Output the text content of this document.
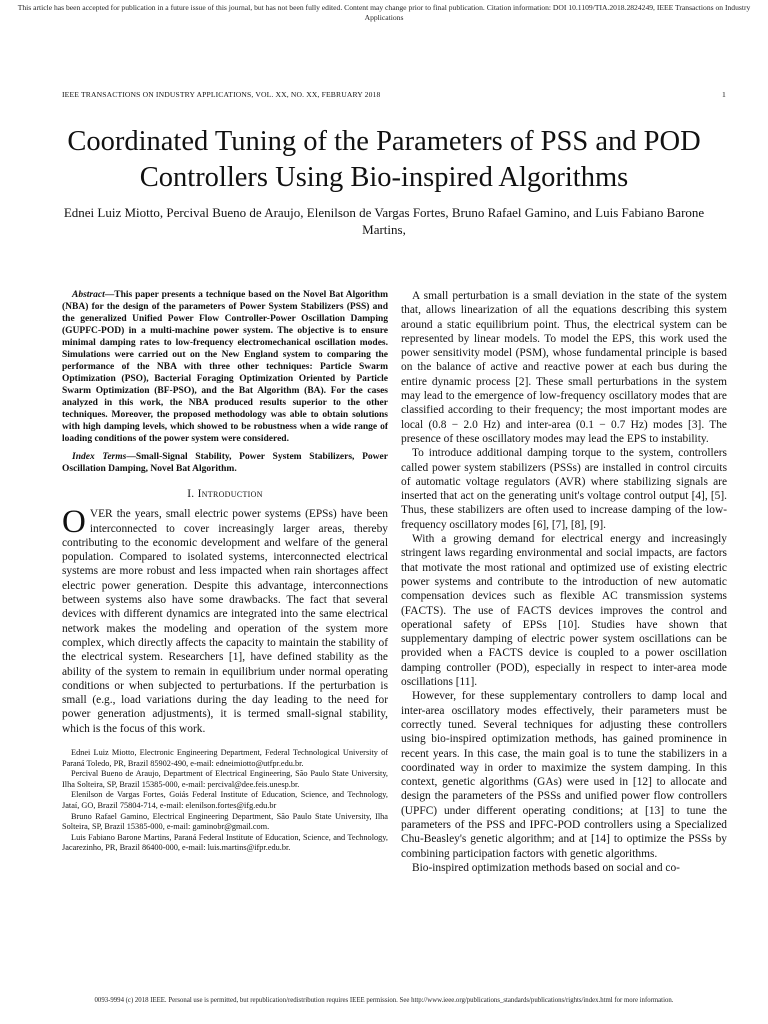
This article has been accepted for publication in a future issue of this journal, but has not been fully edited. Content may change prior to final publication. Citation information: DOI 10.1109/TIA.2018.2824249, IEEE Transactions on Industry Applications
IEEE TRANSACTIONS ON INDUSTRY APPLICATIONS, VOL. XX, NO. XX, FEBRUARY 2018	1
Coordinated Tuning of the Parameters of PSS and POD Controllers Using Bio-inspired Algorithms
Ednei Luiz Miotto, Percival Bueno de Araujo, Elenilson de Vargas Fortes, Bruno Rafael Gamino, and Luis Fabiano Barone Martins,

Abstract—This paper presents a technique based on the Novel Bat Algorithm (NBA) for the design of the parameters of Power System Stabilizers (PSS) and the generalized Unified Power Flow Controller-Power Oscillation Damping (GUPFC-POD) in a multi-machine power system. The objective is to ensure minimal damping rates to low-frequency electromechanical oscillation modes. Simulations were carried out on the New England system to comparing the performance of the NBA with three other techniques: Particle Swarm Optimization (PSO), Bacterial Foraging Optimization Oriented by Particle Swarm Optimization (BF-PSO), and the Bat Algorithm (BA). For the cases analyzed in this work, the NBA produced results superior to the other techniques. Moreover, the proposed methodology was able to obtain solutions with high damping levels, which showed to be robustness when a wide range of loading conditions of the power system were considered.

Index Terms—Small-Signal Stability, Power System Stabilizers, Power Oscillation Damping, Novel Bat Algorithm.

I. Introduction

OVER the years, small electric power systems (EPSs) have been interconnected to cover increasingly larger areas, thereby contributing to the economic development and welfare of the general population. Compared to isolated systems, interconnected electrical systems are more robust and less impacted when rain shortages affect electric power generation. Despite this advantage, interconnections between systems also have some drawbacks. The fact that several devices with different dynamics are integrated into the same electrical network makes the modeling and operation of the system more complex, which directly affects the capacity to maintain the stability of the electrical system. Researchers [1], have defined stability as the ability of the system to remain in equilibrium under normal operating conditions or when subjected to perturbations. If the perturbation is small (e.g., load variations during the day leading to the need for power generation adjustments), it is termed small-signal stability, which is the focus of this work.

Ednei Luiz Miotto, Electronic Engineering Department, Federal Technological University of Paraná Toledo, PR, Brazil 85902-490, e-mail: edneimiotto@utfpr.edu.br.

Percival Bueno de Araujo, Department of Electrical Engineering, São Paulo State University, Ilha Solteira, SP, Brazil 15385-000, e-mail: percival@dee.feis.unesp.br.

Elenilson de Vargas Fortes, Goiás Federal Institute of Education, Science, and Technology, Jataí, GO, Brazil 75804-714, e-mail: elenilson.fortes@ifg.edu.br

Bruno Rafael Gamino, Electrical Engineering Department, São Paulo State University, Ilha Solteira, SP, Brazil 15385-000, e-mail: gaminobr@gmail.com.

Luis Fabiano Barone Martins, Paraná Federal Institute of Education, Science, and Technology, Jacarezinho, PR, Brazil 86400-000, e-mail: luis.martins@ifpr.edu.br.

A small perturbation is a small deviation in the state of the system that, allows linearization of all the equations describing this system around a static equilibrium point. Thus, the electrical system can be represented by linear models. To model the EPS, this work used the power sensitivity model (PSM), whose fundamental principle is based on the balance of active and reactive power at each bus during the entire dynamic process [2]. These small perturbations in the system may lead to the emergence of low-frequency oscillatory modes that are classified according to their frequency; the most important modes are local (0.8 − 2.0 Hz) and inter-area (0.1 − 0.7 Hz) modes [3]. The presence of these oscillatory modes may lead the EPS to instability.

To introduce additional damping torque to the system, controllers called power system stabilizers (PSSs) are installed in control circuits of automatic voltage regulators (AVR) where stabilizing signals are inserted that act on the generating unit's voltage control output [4], [5]. Thus, these stabilizers are often used to increase damping of the low-frequency oscillatory modes [6], [7], [8], [9].

With a growing demand for electrical energy and increasingly stringent laws regarding environmental and social impacts, are factors that motivate the most rational and optimized use of existing electric power systems and contribute to the introduction of new automatic compensation devices such as flexible AC transmission systems (FACTS). The use of FACTS devices improves the control and operational safety of EPSs [10]. Studies have shown that supplementary damping of electric power system oscillations can be provided when a FACTS device is coupled to a power oscillation damping controller (POD), especially in respect to inter-area mode oscillations [11].

However, for these supplementary controllers to damp local and inter-area oscillatory modes effectively, their parameters must be correctly tuned. Several techniques for adjusting these controllers using bio-inspired optimization methods, has gained prominence in recent years. In this case, the main goal is to tune the stabilizers in a coordinated way in order to maximize the system damping. In this context, genetic algorithms (GAs) were used in [12] to allocate and design the parameters of the PSSs and unified power flow controllers (UPFC) under different operating conditions; at [13] to tune the parameters of the PSS and IPFC-POD controllers using a Specialized Chu-Beasley's genetic algorithm; and at [14] to optimize the PSSs by combining participation factors with genetic algorithms.

Bio-inspired optimization methods based on social and co-

0093-9994 (c) 2018 IEEE. Personal use is permitted, but republication/redistribution requires IEEE permission. See http://www.ieee.org/publications_standards/publications/rights/index.html for more information.
